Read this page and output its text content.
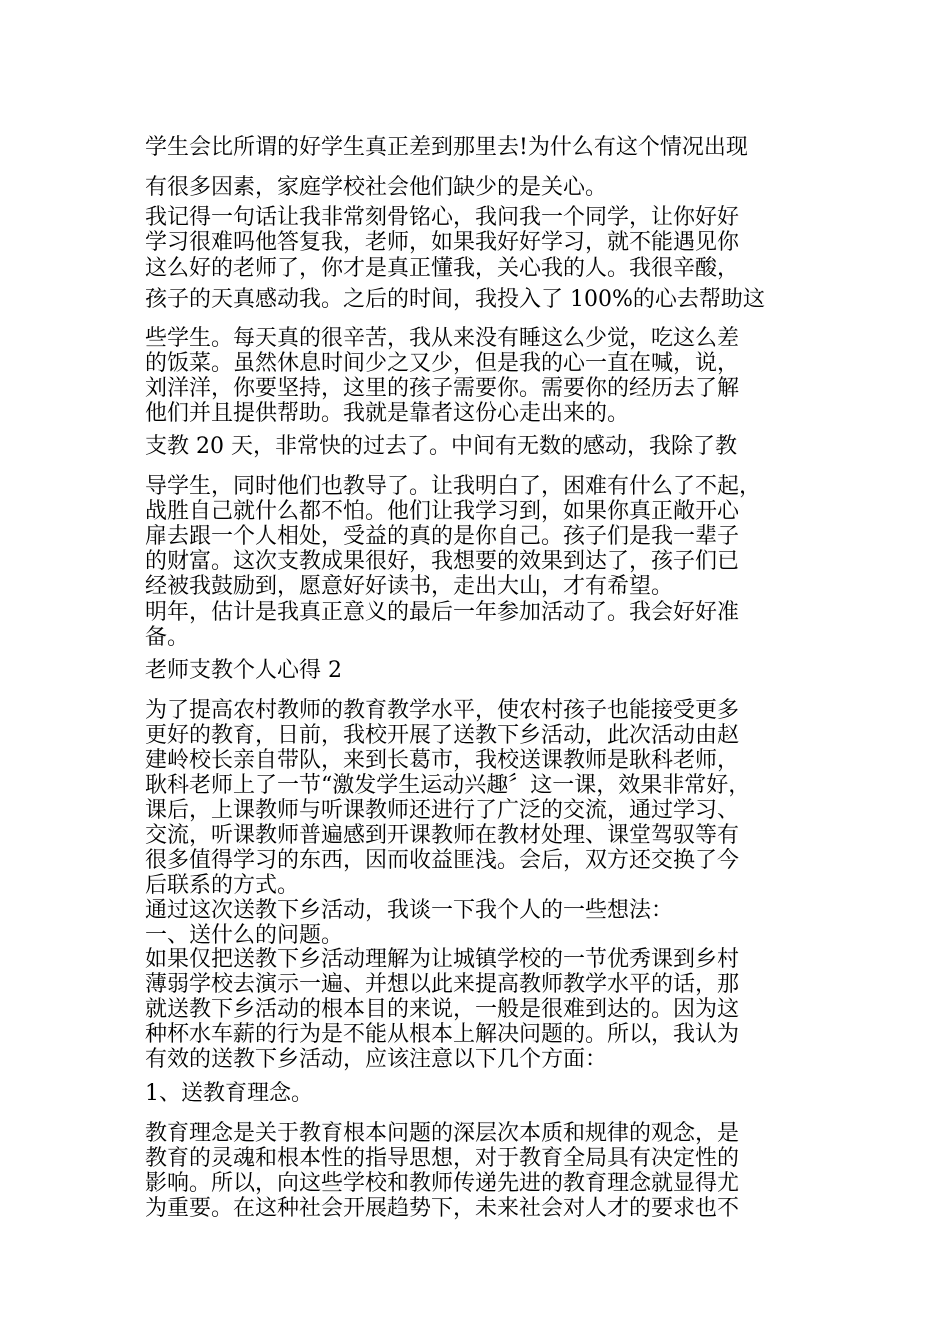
学生会比所谓的好学生真正差到那里去!为什么有这个情况出现

有很多因素，家庭学校社会他们缺少的是关心。

我记得一句话让我非常刻骨铭心，我问我一个同学，让你好好

学习很难吗他答复我，老师，如果我好好学习，就不能遇见你

这么好的老师了，你才是真正懂我，关心我的人。我很辛酸，

孩子的天真感动我。之后的时间，我投入了 100%的心去帮助这

些学生。每天真的很辛苦，我从来没有睡这么少觉，吃这么差

的饭菜。虽然休息时间少之又少，但是我的心一直在喊，说，

刘洋洋，你要坚持，这里的孩子需要你。需要你的经历去了解

他们并且提供帮助。我就是靠者这份心走出来的。

支教 20 天，非常快的过去了。中间有无数的感动，我除了教

导学生，同时他们也教导了。让我明白了，困难有什么了不起，

战胜自己就什么都不怕。他们让我学习到，如果你真正敞开心

扉去跟一个人相处，受益的真的是你自己。孩子们是我一辈子

的财富。这次支教成果很好，我想要的效果到达了，孩子们已

经被我鼓励到，愿意好好读书，走出大山，才有希望。

明年，估计是我真正意义的最后一年参加活动了。我会好好准

备。

老师支教个人心得 2

为了提高农村教师的教育教学水平，使农村孩子也能接受更多

更好的教育，日前，我校开展了送教下乡活动，此次活动由赵

建岭校长亲自带队，来到长葛市，我校送课教师是耿科老师，

耿科老师上了一节“激发学生运动兴趣〞这一课，效果非常好，

课后，上课教师与听课教师还进行了广泛的交流，通过学习、

交流，听课教师普遍感到开课教师在教材处理、课堂驾驭等有

很多值得学习的东西，因而收益匪浅。会后，双方还交换了今

后联系的方式。

通过这次送教下乡活动，我谈一下我个人的一些想法：

一、送什么的问题。

如果仅把送教下乡活动理解为让城镇学校的一节优秀课到乡村

薄弱学校去演示一遍、并想以此来提高教师教学水平的话，那

就送教下乡活动的根本目的来说，一般是很难到达的。因为这

种杯水车薪的行为是不能从根本上解决问题的。所以，我认为

有效的送教下乡活动，应该注意以下几个方面：

1、送教育理念。

教育理念是关于教育根本问题的深层次本质和规律的观念，是

教育的灵魂和根本性的指导思想，对于教育全局具有决定性的

影响。所以，向这些学校和教师传递先进的教育理念就显得尤

为重要。在这种社会开展趋势下，未来社会对人才的要求也不
